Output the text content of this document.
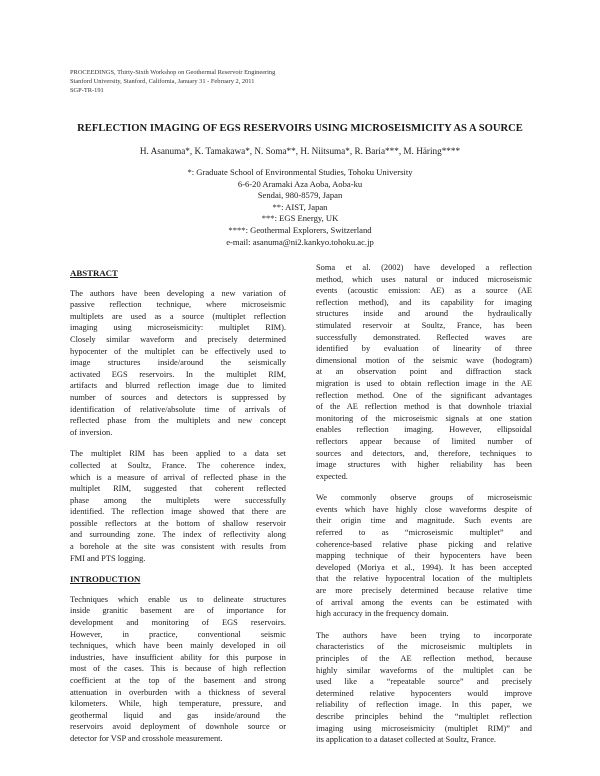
PROCEEDINGS, Thirty-Sixth Workshop on Geothermal Reservoir Engineering
Stanford University, Stanford, California, January 31 - February 2, 2011
SGP-TR-191
REFLECTION IMAGING OF EGS RESERVOIRS USING MICROSEISMICITY AS A SOURCE
H. Asanuma*, K. Tamakawa*, N. Soma**, H. Niitsuma*, R. Baria***, M. Häring****
*: Graduate School of Environmental Studies, Tohoku University
6-6-20 Aramaki Aza Aoba, Aoba-ku
Sendai, 980-8579, Japan
**: AIST, Japan
***: EGS Energy, UK
****: Geothermal Explorers, Switzerland
e-mail: asanuma@ni2.kankyo.tohoku.ac.jp
ABSTRACT
The authors have been developing a new variation of
passive reflection technique, where microseismic
multiplets are used as a source (multiplet reflection
imaging using microseismicity: multiplet RIM).
Closely similar waveform and precisely determined
hypocenter of the multiplet can be effectively used to
image structures inside/around the seismically
activated EGS reservoirs. In the multiplet RIM,
artifacts and blurred reflection image due to limited
number of sources and detectors is suppressed by
identification of relative/absolute time of arrivals of
reflected phase from the multiplets and new concept
of inversion.
The multiplet RIM has been applied to a data set
collected at Soultz, France. The coherence index,
which is a measure of arrival of reflected phase in the
multiplet RIM, suggested that coherent reflected
phase among the multiplets were successfully
identified. The reflection image showed that there are
possible reflectors at the bottom of shallow reservoir
and surrounding zone. The index of reflectivity along
a borehole at the site was consistent with results from
FMI and PTS logging.
INTRODUCTION
Techniques which enable us to delineate structures
inside granitic basement are of importance for
development and monitoring of EGS reservoirs.
However, in practice, conventional seismic
techniques, which have been mainly developed in oil
industries, have insufficient ability for this purpose in
most of the cases. This is because of high reflection
coefficient at the top of the basement and strong
attenuation in overburden with a thickness of several
kilometers. While, high temperature, pressure, and
geothermal liquid and gas inside/around the
reservoirs avoid deployment of downhole source or
detector for VSP and crosshole measurement.
Soma et al. (2002) have developed a reflection
method, which uses natural or induced microseismic
events (acoustic emission: AE) as a source (AE
reflection method), and its capability for imaging
structures inside and around the hydraulically
stimulated reservoir at Soultz, France, has been
successfully demonstrated. Reflected waves are
identified by evaluation of linearity of three
dimensional motion of the seismic wave (hodogram)
at an observation point and diffraction stack
migration is used to obtain reflection image in the AE
reflection method. One of the significant advantages
of the AE reflection method is that downhole triaxial
monitoring of the microseismic signals at one station
enables reflection imaging. However, ellipsoidal
reflectors appear because of limited number of
sources and detectors, and, therefore, techniques to
image structures with higher reliability has been
expected.
We commonly observe groups of microseismic
events which have highly close waveforms despite of
their origin time and magnitude. Such events are
referred to as “microseismic multiplet” and
coherence-based relative phase picking and relative
mapping technique of their hypocenters have been
developed (Moriya et al., 1994). It has been accepted
that the relative hypocentral location of the multiplets
are more precisely determined because relative time
of arrival among the events can be estimated with
high accuracy in the frequency domain.
The authors have been trying to incorporate
characteristics of the microseismic multiplets in
principles of the AE reflection method, because
highly similar waveforms of the multiplet can be
used like a “repeatable source” and precisely
determined relative hypocenters would improve
reliability of reflection image. In this paper, we
describe principles behind the “multiplet reflection
imaging using microseismicity (multiplet RIM)” and
its application to a dataset collected at Soultz, France.
